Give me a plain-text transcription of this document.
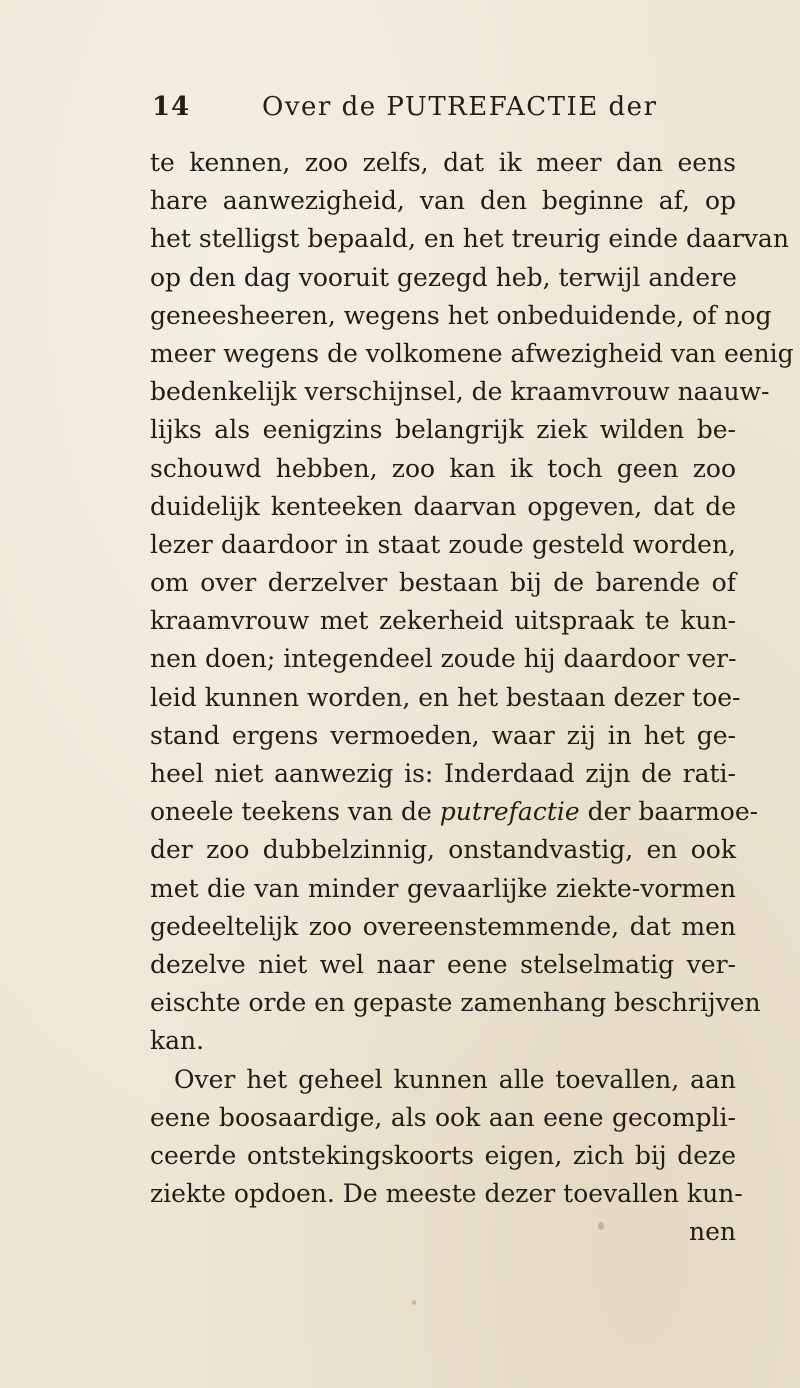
14	Over de PUTREFACTIE der
te kennen, zoo zelfs, dat ik meer dan eens
hare aanwezigheid, van den beginne af, op
het stelligst bepaald, en het treurig einde daarvan
op den dag vooruit gezegd heb, terwijl andere
geneesheeren, wegens het onbeduidende, of nog
meer wegens de volkomene afwezigheid van eenig
bedenkelijk verschijnsel, de kraamvrouw naauw-
lijks als eenigzins belangrijk ziek wilden be-
schouwd hebben, zoo kan ik toch geen zoo
duidelijk kenteeken daarvan opgeven, dat de
lezer daardoor in staat zoude gesteld worden,
om over derzelver bestaan bij de barende of
kraamvrouw met zekerheid uitspraak te kun-
nen doen; integendeel zoude hij daardoor ver-
leid kunnen worden, en het bestaan dezer toe-
stand ergens vermoeden, waar zij in het ge-
heel niet aanwezig is: Inderdaad zijn de rati-
oneele teekens van de putrefactie der baarmoe-
der zoo dubbelzinnig, onstandvastig, en ook
met die van minder gevaarlijke ziekte-vormen
gedeeltelijk zoo overeenstemmende, dat men
dezelve niet wel naar eene stelselmatig ver-
eischte orde en gepaste zamenhang beschrijven
kan.
Over het geheel kunnen alle toevallen, aan
eene boosaardige, als ook aan eene gecompli-
ceerde ontstekingskoorts eigen, zich bij deze
ziekte opdoen. De meeste dezer toevallen kun-
nen
